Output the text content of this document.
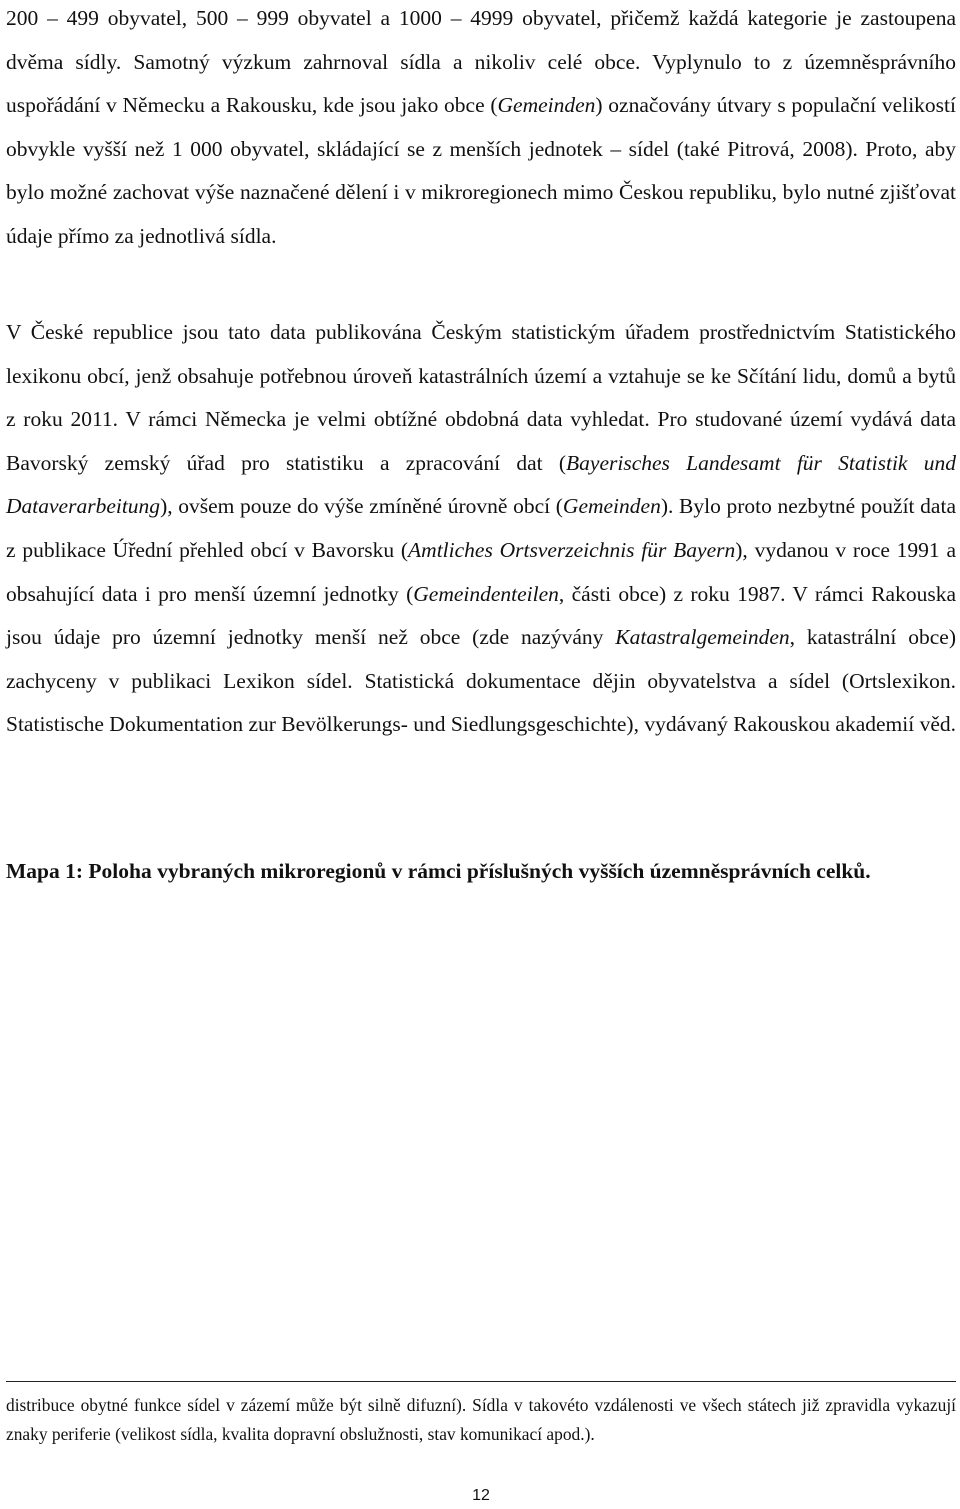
200 – 499 obyvatel, 500 – 999 obyvatel a 1000 – 4999 obyvatel, přičemž každá kategorie je zastoupena dvěma sídly. Samotný výzkum zahrnoval sídla a nikoliv celé obce. Vyplynulo to z územněsprávního uspořádání v Německu a Rakousku, kde jsou jako obce (Gemeinden) označovány útvary s populační velikostí obvykle vyšší než 1 000 obyvatel, skládající se z menších jednotek – sídel (také Pitrová, 2008). Proto, aby bylo možné zachovat výše naznačené dělení i v mikroregionech mimo Českou republiku, bylo nutné zjišťovat údaje přímo za jednotlivá sídla.

V České republice jsou tato data publikována Českým statistickým úřadem prostřednictvím Statistického lexikonu obcí, jenž obsahuje potřebnou úroveň katastrálních území a vztahuje se ke Sčítání lidu, domů a bytů z roku 2011. V rámci Německa je velmi obtížné obdobná data vyhledat. Pro studované území vydává data Bavorský zemský úřad pro statistiku a zpracování dat (Bayerisches Landesamt für Statistik und Dataverarbeitung), ovšem pouze do výše zmíněné úrovně obcí (Gemeinden). Bylo proto nezbytné použít data z publikace Úřední přehled obcí v Bavorsku (Amtliches Ortsverzeichnis für Bayern), vydanou v roce 1991 a obsahující data i pro menší územní jednotky (Gemeindenteilen, části obce) z roku 1987. V rámci Rakouska jsou údaje pro územní jednotky menší než obce (zde nazývány Katastralgemeinden, katastrální obce) zachyceny v publikaci Lexikon sídel. Statistická dokumentace dějin obyvatelstva a sídel (Ortslexikon. Statistische Dokumentation zur Bevölkerungs- und Siedlungsgeschichte), vydávaný Rakouskou akademií věd.

Mapa 1: Poloha vybraných mikroregionů v rámci příslušných vyšších územněsprávních celků.

distribuce obytné funkce sídel v zázemí může být silně difuzní). Sídla v takovéto vzdálenosti ve všech státech již zpravidla vykazují znaky periferie (velikost sídla, kvalita dopravní obslužnosti, stav komunikací apod.).

12
